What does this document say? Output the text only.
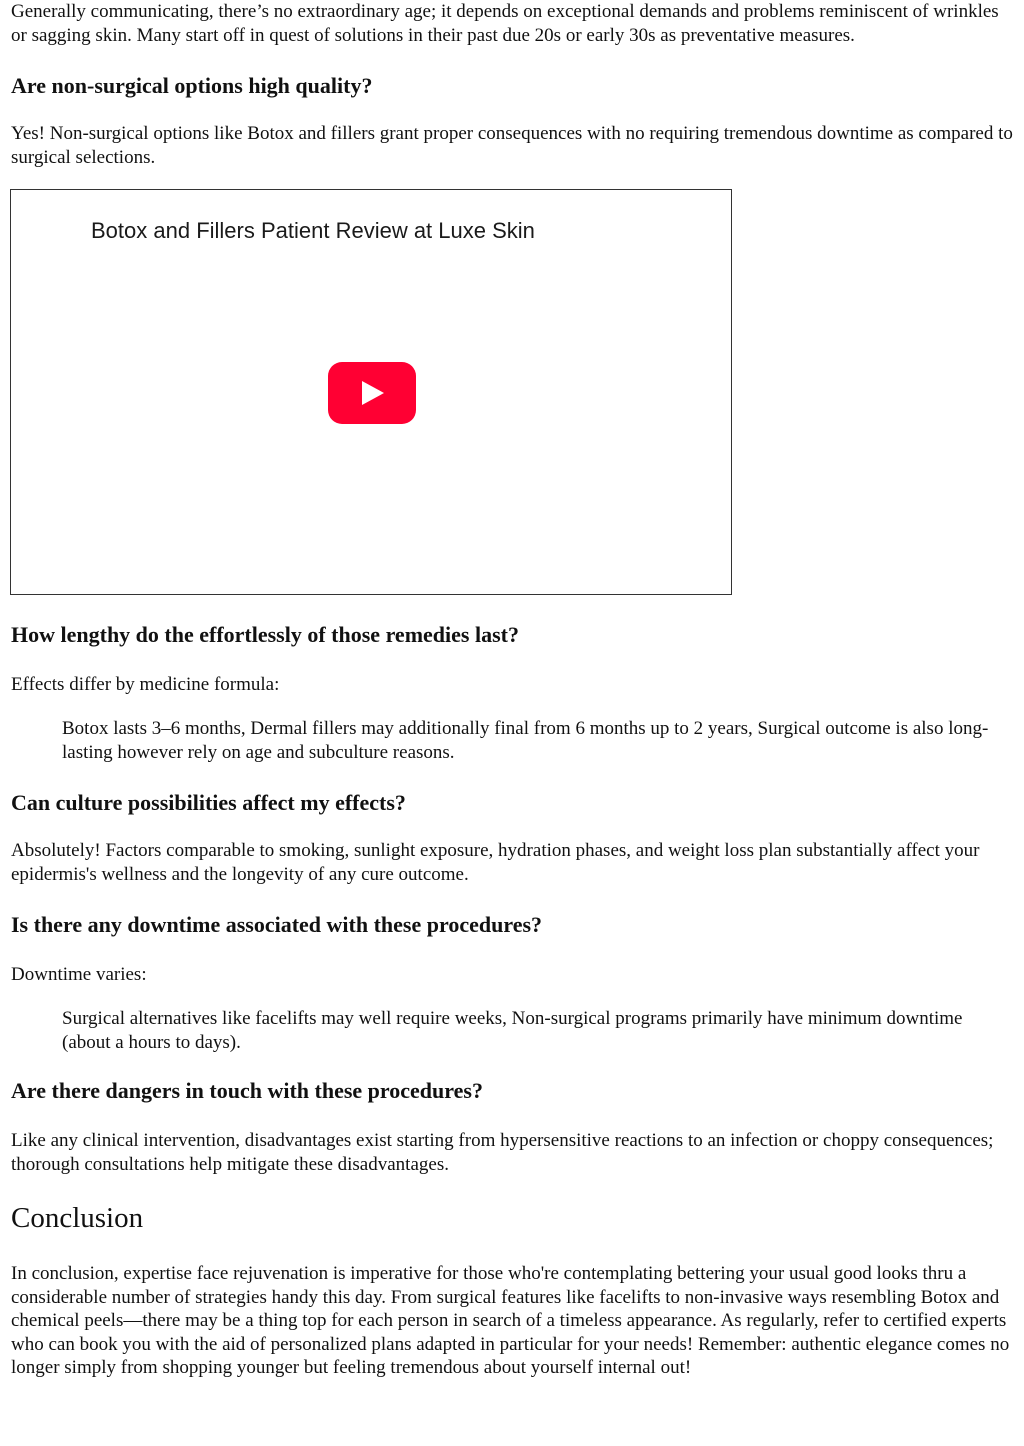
Generally communicating, there’s no extraordinary age; it depends on exceptional demands and problems reminiscent of wrinkles or sagging skin. Many start off in quest of solutions in their past due 20s or early 30s as preventative measures.

Are non-surgical options high quality?

Yes! Non-surgical options like Botox and fillers grant proper consequences with no requiring tremendous downtime as compared to surgical selections.

Botox and Fillers Patient Review at Luxe Skin
How lengthy do the effortlessly of those remedies last?

Effects differ by medicine formula:

Botox lasts 3–6 months, Dermal fillers may additionally final from 6 months up to 2 years, Surgical outcome is also long-lasting however rely on age and subculture reasons.
Can culture possibilities affect my effects?

Absolutely! Factors comparable to smoking, sunlight exposure, hydration phases, and weight loss plan substantially affect your epidermis's wellness and the longevity of any cure outcome.

Is there any downtime associated with these procedures?

Downtime varies:

Surgical alternatives like facelifts may well require weeks, Non-surgical programs primarily have minimum downtime (about a hours to days).
Are there dangers in touch with these procedures?

Like any clinical intervention, disadvantages exist starting from hypersensitive reactions to an infection or choppy consequences; thorough consultations help mitigate these disadvantages.

Conclusion

In conclusion, expertise face rejuvenation is imperative for those who're contemplating bettering your usual good looks thru a considerable number of strategies handy this day. From surgical features like facelifts to non-invasive ways resembling Botox and chemical peels—there may be a thing top for each person in search of a timeless appearance. As regularly, refer to certified experts who can book you with the aid of personalized plans adapted in particular for your needs! Remember: authentic elegance comes no longer simply from shopping younger but feeling tremendous about yourself internal out!
